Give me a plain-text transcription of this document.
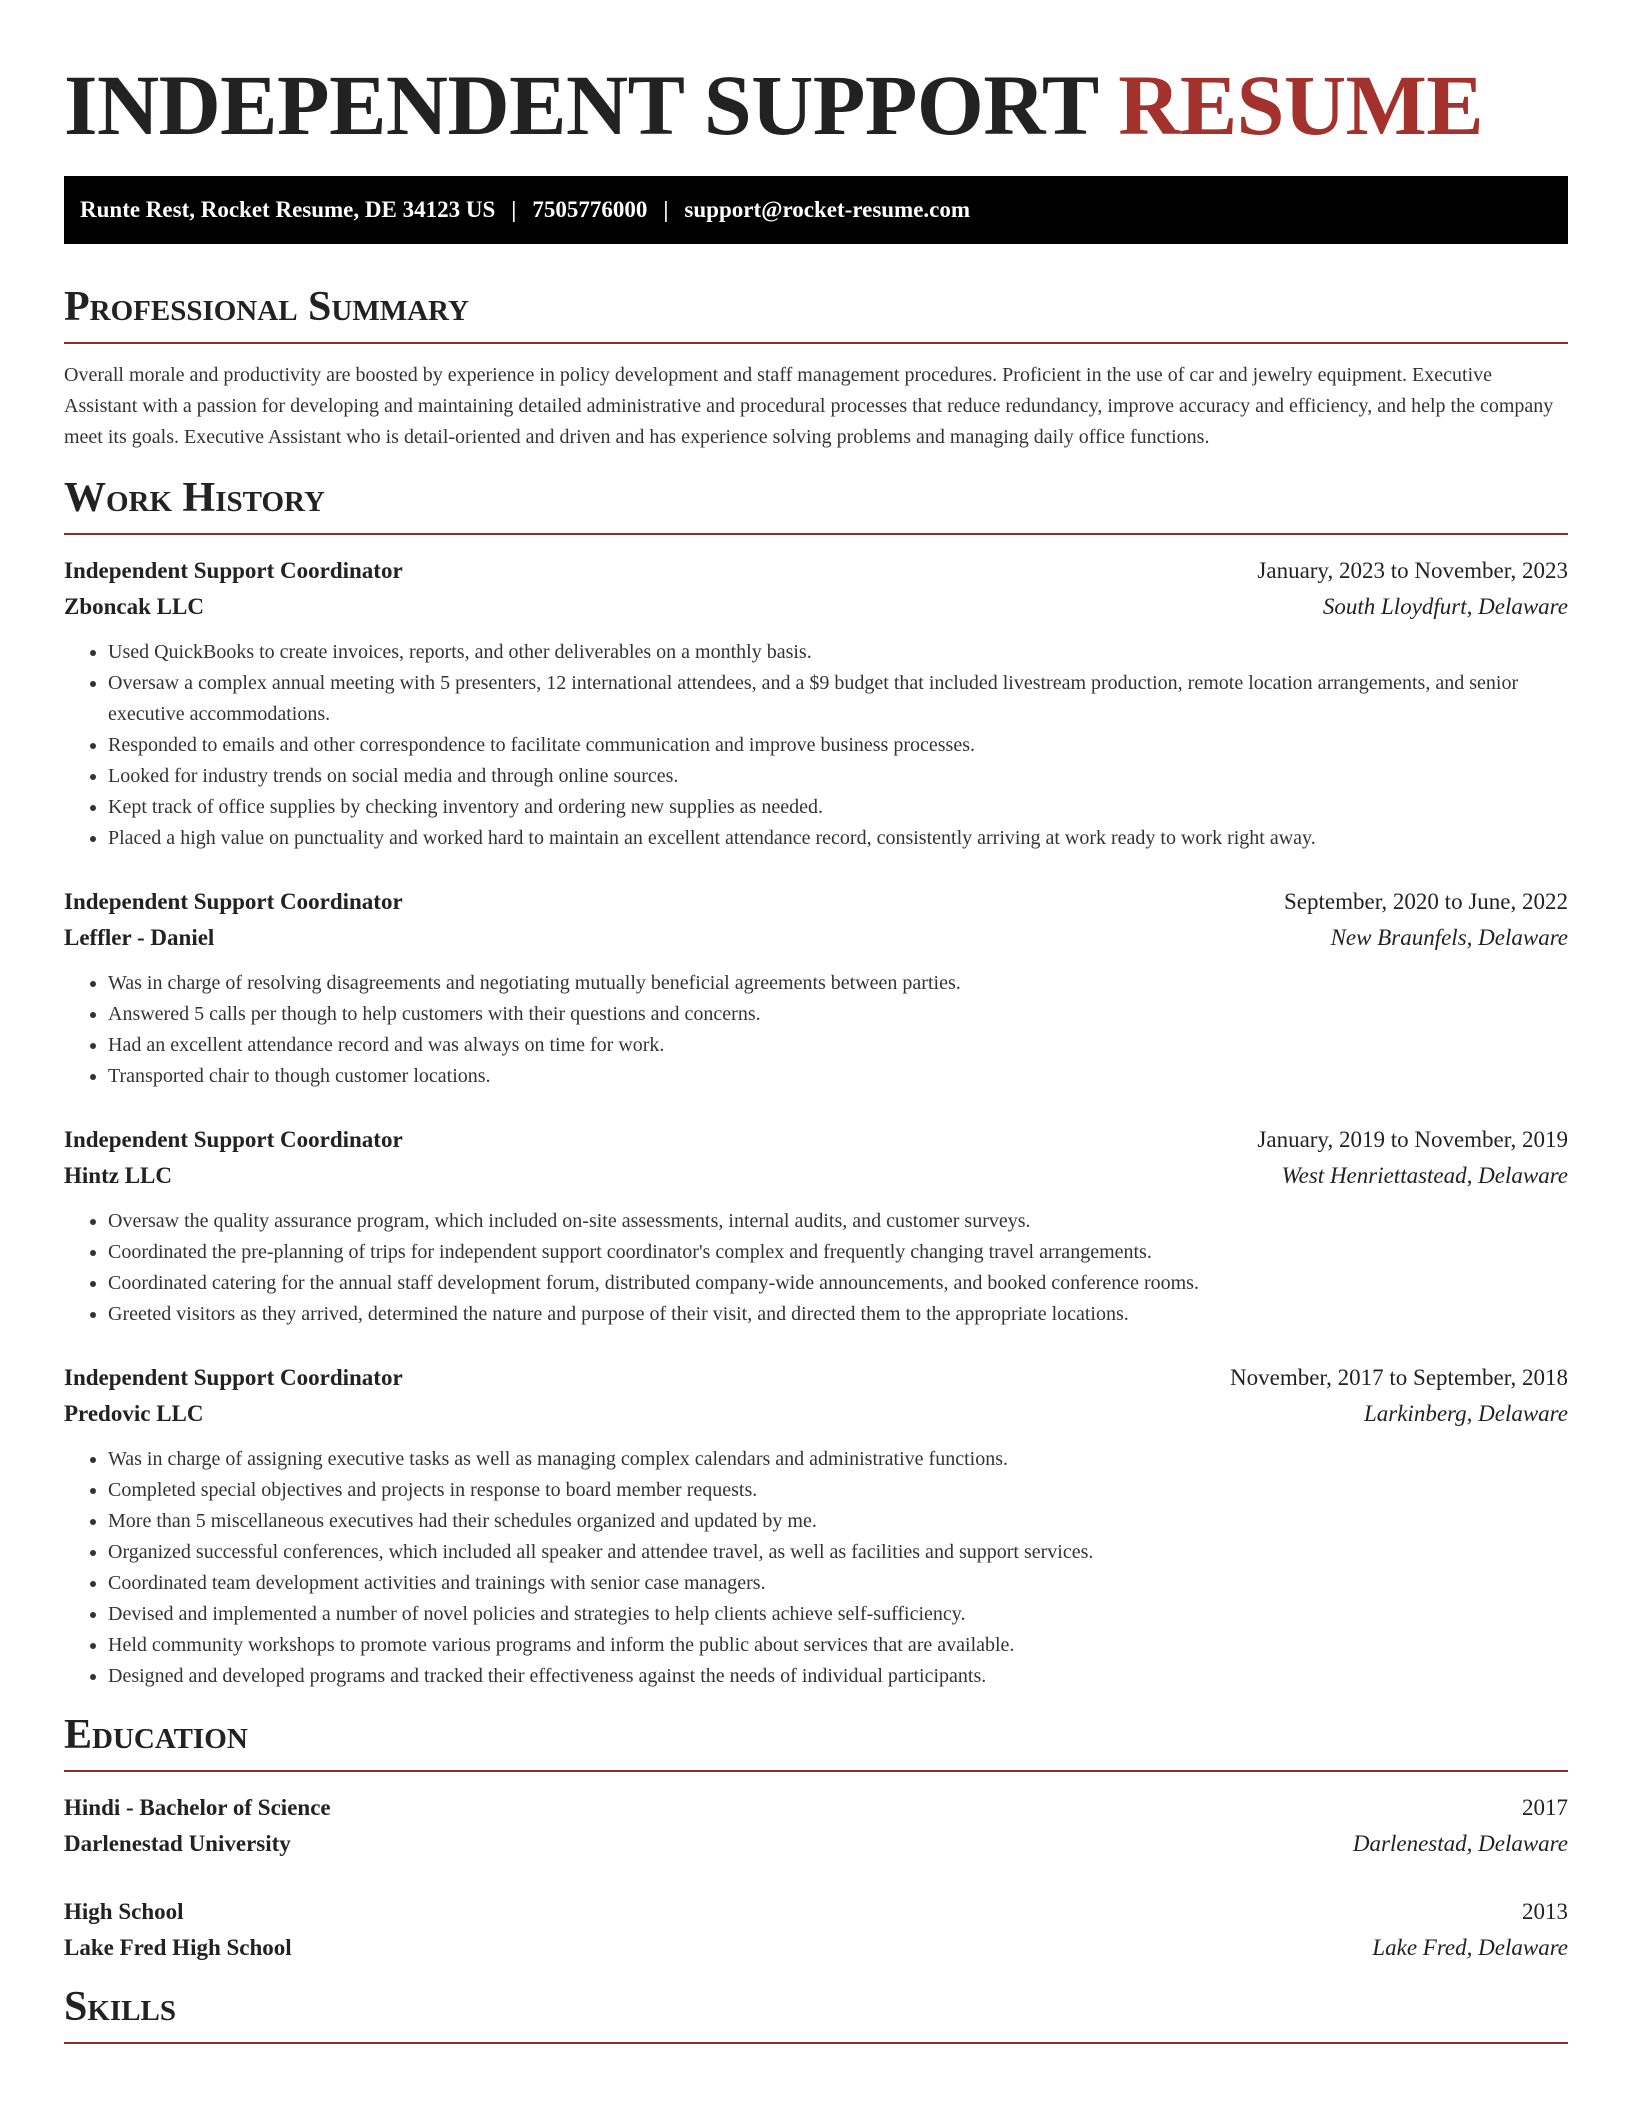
INDEPENDENT SUPPORT RESUME
Runte Rest, Rocket Resume, DE 34123 US | 7505776000 | support@rocket-resume.com
Professional Summary

Overall morale and productivity are boosted by experience in policy development and staff management procedures. Proficient in the use of car and jewelry equipment. Executive Assistant with a passion for developing and maintaining detailed administrative and procedural processes that reduce redundancy, improve accuracy and efficiency, and help the company meet its goals. Executive Assistant who is detail-oriented and driven and has experience solving problems and managing daily office functions.

Work History
Independent Support Coordinator	January, 2023 to November, 2023
Zboncak LLC	South Lloydfurt, Delaware
• Used QuickBooks to create invoices, reports, and other deliverables on a monthly basis.
• Oversaw a complex annual meeting with 5 presenters, 12 international attendees, and a $9 budget that included livestream production, remote location arrangements, and senior executive accommodations.
• Responded to emails and other correspondence to facilitate communication and improve business processes.
• Looked for industry trends on social media and through online sources.
• Kept track of office supplies by checking inventory and ordering new supplies as needed.
• Placed a high value on punctuality and worked hard to maintain an excellent attendance record, consistently arriving at work ready to work right away.
Independent Support Coordinator	September, 2020 to June, 2022
Leffler - Daniel	New Braunfels, Delaware
• Was in charge of resolving disagreements and negotiating mutually beneficial agreements between parties.
• Answered 5 calls per though to help customers with their questions and concerns.
• Had an excellent attendance record and was always on time for work.
• Transported chair to though customer locations.
Independent Support Coordinator	January, 2019 to November, 2019
Hintz LLC	West Henriettastead, Delaware
• Oversaw the quality assurance program, which included on-site assessments, internal audits, and customer surveys.
• Coordinated the pre-planning of trips for independent support coordinator's complex and frequently changing travel arrangements.
• Coordinated catering for the annual staff development forum, distributed company-wide announcements, and booked conference rooms.
• Greeted visitors as they arrived, determined the nature and purpose of their visit, and directed them to the appropriate locations.
Independent Support Coordinator	November, 2017 to September, 2018
Predovic LLC	Larkinberg, Delaware
• Was in charge of assigning executive tasks as well as managing complex calendars and administrative functions.
• Completed special objectives and projects in response to board member requests.
• More than 5 miscellaneous executives had their schedules organized and updated by me.
• Organized successful conferences, which included all speaker and attendee travel, as well as facilities and support services.
• Coordinated team development activities and trainings with senior case managers.
• Devised and implemented a number of novel policies and strategies to help clients achieve self-sufficiency.
• Held community workshops to promote various programs and inform the public about services that are available.
• Designed and developed programs and tracked their effectiveness against the needs of individual participants.
Education
Hindi - Bachelor of Science	2017
Darlenestad University	Darlenestad, Delaware
High School	2013
Lake Fred High School	Lake Fred, Delaware
Skills
